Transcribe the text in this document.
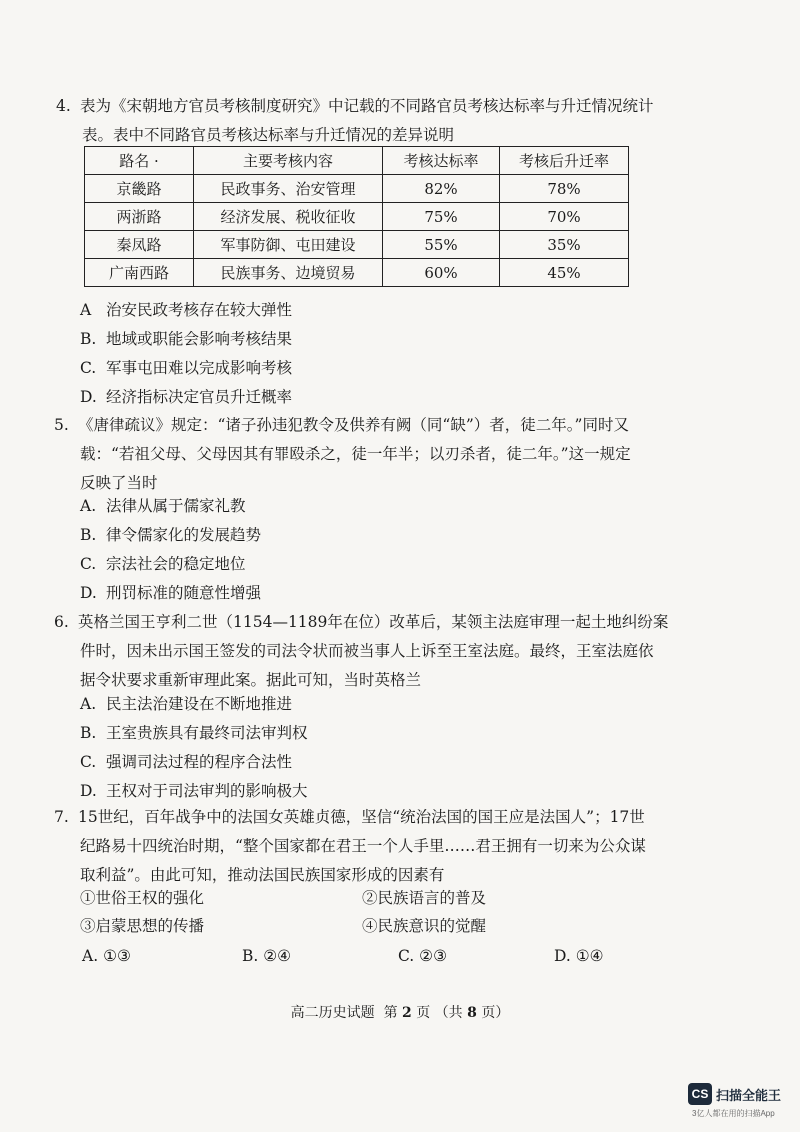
4. 表为《宋朝地方官员考核制度研究》中记载的不同路官员考核达标率与升迁情况统计
表。表中不同路官员考核达标率与升迁情况的差异说明
路名 ·	主要考核内容	考核达标率	考核后升迁率
京畿路	民政事务、治安管理	82%	78%
两浙路	经济发展、税收征收	75%	70%
秦凤路	军事防御、屯田建设	55%	35%
广南西路	民族事务、边境贸易	60%	45%
A 治安民政考核存在较大弹性
B. 地域或职能会影响考核结果
C. 军事屯田难以完成影响考核
D. 经济指标决定官员升迁概率
5. 《唐律疏议》规定：“诸子孙违犯教令及供养有阙（同“缺”）者，徒二年。”同时又
载：“若祖父母、父母因其有罪殴杀之，徒一年半；以刃杀者，徒二年。”这一规定
反映了当时
A. 法律从属于儒家礼教
B. 律令儒家化的发展趋势
C. 宗法社会的稳定地位
D. 刑罚标准的随意性增强
6. 英格兰国王亨利二世（1154—1189年在位）改革后，某领主法庭审理一起土地纠纷案
件时，因未出示国王签发的司法令状而被当事人上诉至王室法庭。最终，王室法庭依
据令状要求重新审理此案。据此可知，当时英格兰
A. 民主法治建设在不断地推进
B. 王室贵族具有最终司法审判权
C. 强调司法过程的程序合法性
D. 王权对于司法审判的影响极大
7. 15世纪，百年战争中的法国女英雄贞德，坚信“统治法国的国王应是法国人”；17世
纪路易十四统治时期，“整个国家都在君王一个人手里……君王拥有一切来为公众谋
取利益”。由此可知，推动法国民族国家形成的因素有
①世俗王权的强化	②民族语言的普及
③启蒙思想的传播	④民族意识的觉醒
A. ①③	B. ②④	C. ②③	D. ①④
高二历史试题 第 2 页 （共 8 页）
CS 扫描全能王
3亿人都在用的扫描App
